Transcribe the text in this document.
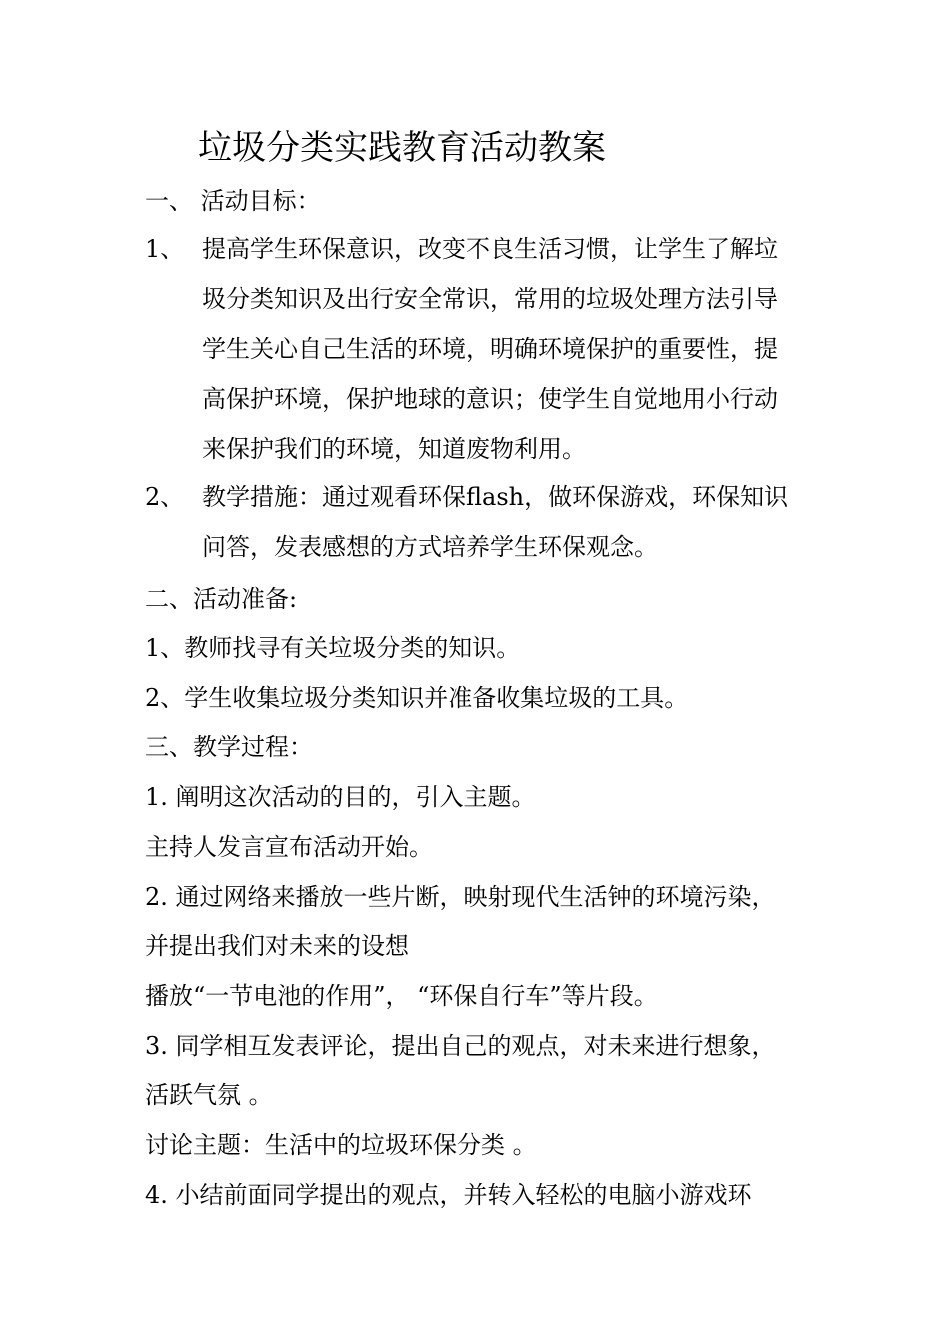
垃圾分类实践教育活动教案
一、 活动目标：
1、 提高学生环保意识，改变不良生活习惯，让学生了解垃
圾分类知识及出行安全常识，常用的垃圾处理方法引导
学生关心自己生活的环境，明确环境保护的重要性，提
高保护环境，保护地球的意识；使学生自觉地用小行动
来保护我们的环境，知道废物利用。
2、 教学措施：通过观看环保flash，做环保游戏，环保知识
问答，发表感想的方式培养学生环保观念。
二、活动准备:
1、教师找寻有关垃圾分类的知识。
2、学生收集垃圾分类知识并准备收集垃圾的工具。
三、教学过程：
1. 阐明这次活动的目的，引入主题。
主持人发言宣布活动开始。
2. 通过网络来播放一些片断，映射现代生活钟的环境污染，
并提出我们对未来的设想
播放“一节电池的作用”， “环保自行车”等片段。
3. 同学相互发表评论，提出自己的观点，对未来进行想象，
活跃气氛 。
讨论主题：生活中的垃圾环保分类 。
4. 小结前面同学提出的观点，并转入轻松的电脑小游戏环
